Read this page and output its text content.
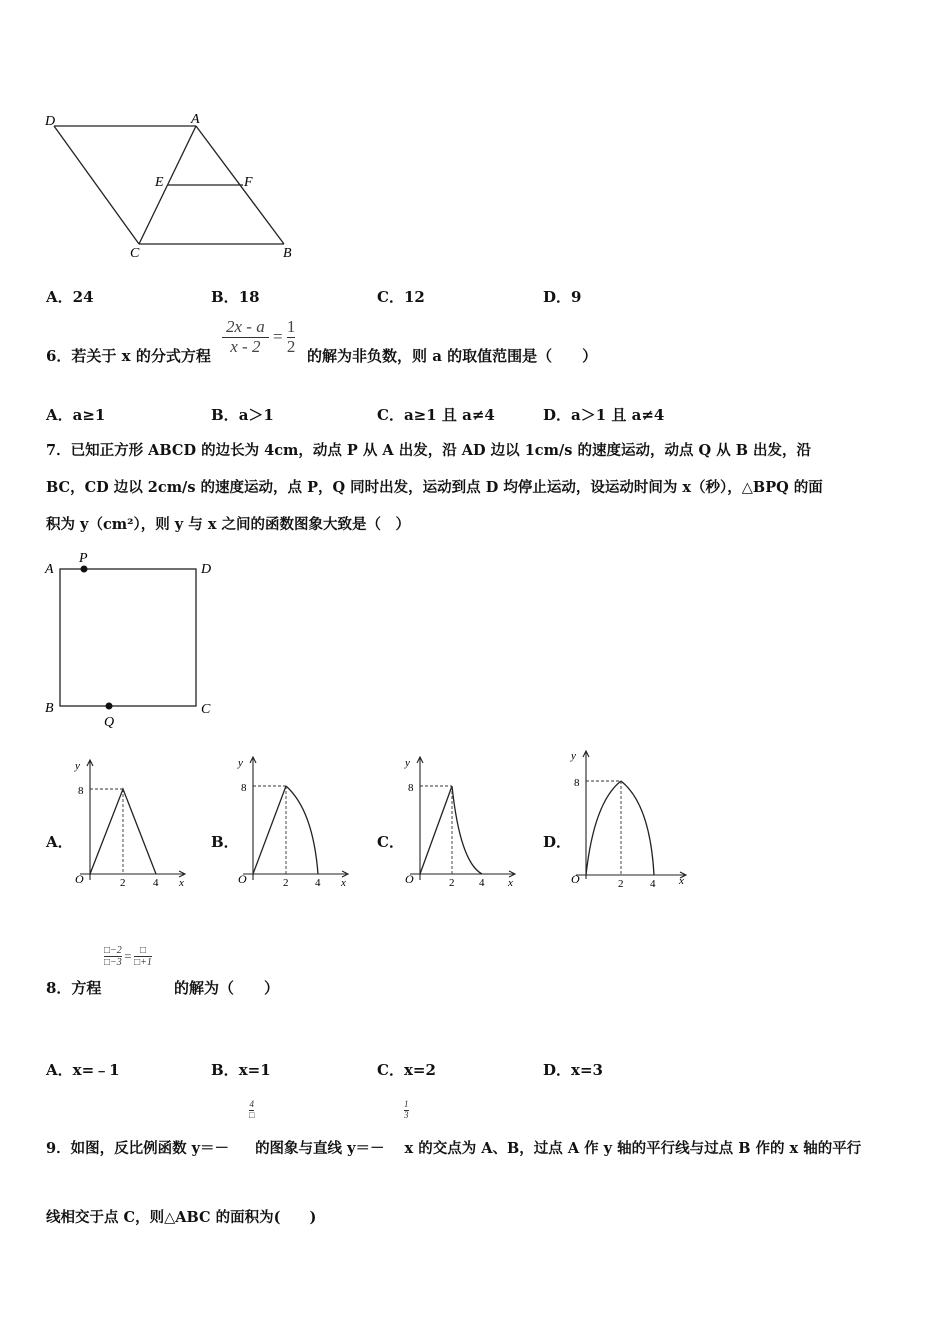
D	A
E	F
C	B
A．24	B．18	C．12	D．9
6．若关于 x 的分式方程 $\frac{2x - a}{x - 2} = \frac{1}{2}$ 的解为非负数，则 a 的取值范围是（　　）
A．a≥1	B．a＞1	C．a≥1 且 a≠4	D．a＞1 且 a≠4
7．已知正方形 ABCD 的边长为 4cm，动点 P 从 A 出发，沿 AD 边以 1cm/s 的速度运动，动点 Q 从 B 出发，沿
BC，CD 边以 2cm/s 的速度运动，点 P，Q 同时出发，运动到点 D 均停止运动，设运动时间为 x（秒），△BPQ 的面
积为 y（cm²），则 y 与 x 之间的函数图象大致是（　）
A
P
D
B
Q
C
A．	B．	C．	D．
y
x
O
8
2	4
y
x
O
8
2 4
y
x
O
8
2 4
y
x
O
8
2 4
8．方程
$\frac{□-2}{□-3} = \frac{□}{□+1}$
的解为（　　）
A．x=﹣1	B．x=1	C．x=2	D．x=3
$\frac{4}{□}$	$\frac{1}{3}$
9．如图，反比例函数 y＝－ 的图象与直线 y＝－ x 的交点为 A、B，过点 A 作 y 轴的平行线与过点 B 作的 x 轴的平行
线相交于点 C，则△ABC 的面积为(　　)
